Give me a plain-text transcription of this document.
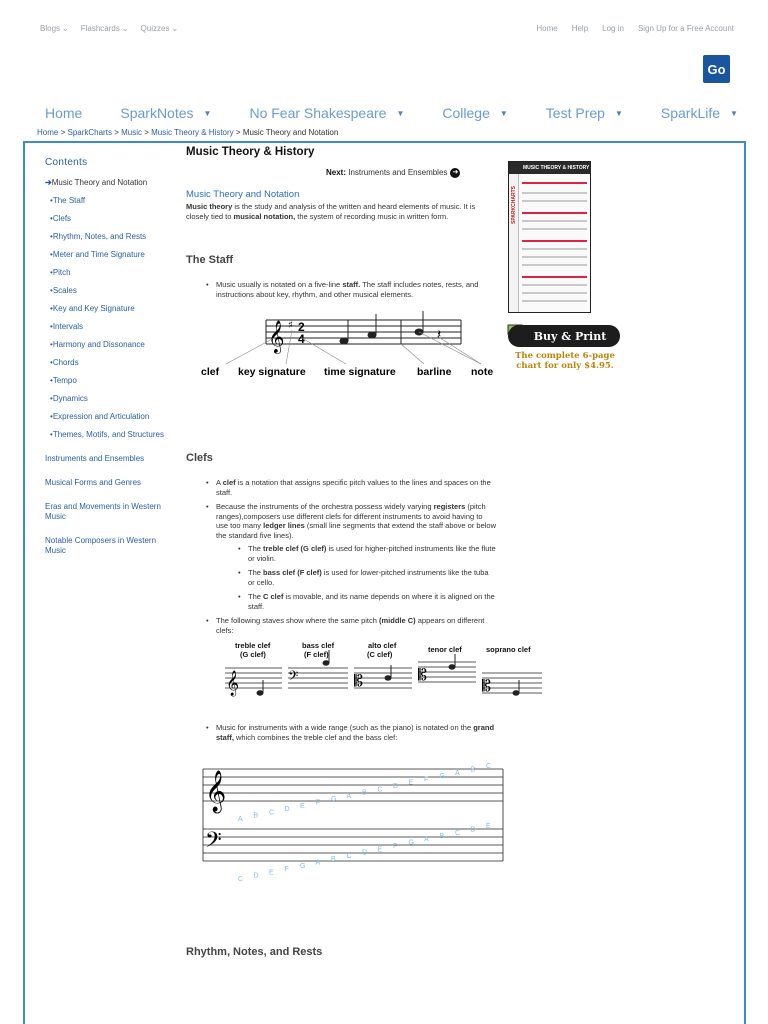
Blogs ⌄ Flashcards ⌄ Quizzes ⌄	Home Help Log in Sign Up for a Free Account
Go
Home	SparkNotes ▼	No Fear Shakespeare ▼	College ▼	Test Prep ▼	SparkLife ▼
Home > SparkCharts > Music > Music Theory & History > Music Theory and Notation
Contents
➔Music Theory and Notation
•The Staff
•Clefs
•Rhythm, Notes, and Rests
•Meter and Time Signature
•Pitch
•Scales
•Key and Key Signature
•Intervals
•Harmony and Dissonance
•Chords
•Tempo
•Dynamics
•Expression and Articulation
•Themes, Motifs, and Structures
Instruments and Ensembles
Musical Forms and Genres
Eras and Movements in Western Music
Notable Composers in Western Music
Music Theory & History
Next: Instruments and Ensembles ➜
Music Theory and Notation
Music theory is the study and analysis of the written and heard elements of music. It is closely tied to musical notation, the system of recording music in written form.
The Staff
• Music usually is notated on a five-line staff. The staff includes notes, rests, and instructions about key, rhythm, and other musical elements.
𝄞 ♯ 2
4	𝄽
clef key signature time signature barline note
Clefs
• A clef is a notation that assigns specific pitch values to the lines and spaces on the staff.
• Because the instruments of the orchestra possess widely varying registers (pitch ranges),composers use different clefs for different instruments to avoid having to use too many ledger lines (small line segments that extend the staff above or below the standard five lines).
• The treble clef (G clef) is used for higher-pitched instruments like the flute or violin.
• The bass clef (F clef) is used for lower-pitched instruments like the tuba or cello.
• The C clef is movable, and its name depends on where it is aligned on the staff.
• The following staves show where the same pitch (middle C) appears on different clefs:
treble clef
(G clef)
bass clef
(F clef)
alto clef
(C clef)
tenor clef	soprano clef
𝄞	𝄢	𝄡	𝄡
𝄡
• Music for instruments with a wide range (such as the piano) is notated on the grand staff, which combines the treble clef and the bass clef:
𝄞
𝄢
A B C D E F G A B C D E F G A B C
C D E F G A B C D E F G A B C D E
Rhythm, Notes, and Rests
MUSIC THEORY & HISTORY
SPARKCHARTS
Buy & Print
The complete 6-page chart for only $4.95.
